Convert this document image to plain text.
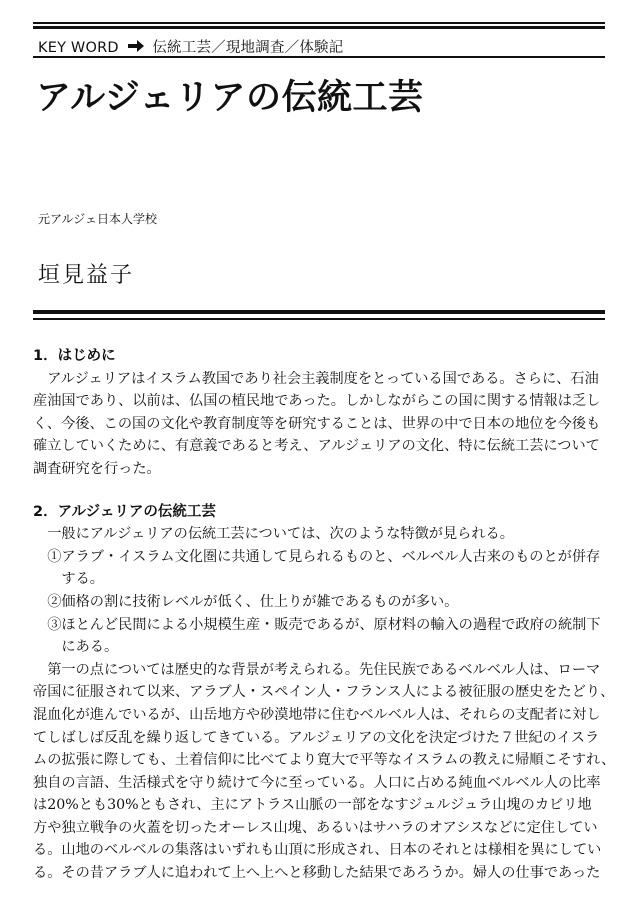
KEY WORD 伝統工芸／現地調査／体験記
アルジェリアの伝統工芸
元アルジェ日本人学校
垣見益子
1．はじめに
　アルジェリアはイスラム教国であり社会主義制度をとっている国である。さらに、石油
産油国であり、以前は、仏国の植民地であった。しかしながらこの国に関する情報は乏し
く、今後、この国の文化や教育制度等を研究することは、世界の中で日本の地位を今後も
確立していくために、有意義であると考え、アルジェリアの文化、特に伝統工芸について
調査研究を行った。
2．アルジェリアの伝統工芸
　一般にアルジェリアの伝統工芸については、次のような特徴が見られる。
　①アラブ・イスラム文化圏に共通して見られるものと、ベルベル人古来のものとが併存
　　する。
　②価格の割に技術レベルが低く、仕上りが雑であるものが多い。
　③ほとんど民間による小規模生産・販売であるが、原材料の輸入の過程で政府の統制下
　　にある。
　第一の点については歴史的な背景が考えられる。先住民族であるベルベル人は、ローマ
帝国に征服されて以来、アラブ人・スペイン人・フランス人による被征服の歴史をたどり、
混血化が進んでいるが、山岳地方や砂漠地帯に住むベルベル人は、それらの支配者に対し
てしばしば反乱を繰り返してきている。アルジェリアの文化を決定づけた７世紀のイスラ
ムの拡張に際しても、土着信仰に比べてより寛大で平等なイスラムの教えに帰順こそすれ、
独自の言語、生活様式を守り続けて今に至っている。人口に占める純血ベルベル人の比率
は20%とも30%ともされ、主にアトラス山脈の一部をなすジュルジュラ山塊のカビリ地
方や独立戦争の火蓋を切ったオーレス山塊、あるいはサハラのオアシスなどに定住してい
る。山地のベルベルの集落はいずれも山頂に形成され、日本のそれとは様相を異にしてい
る。その昔アラブ人に追われて上へ上へと移動した結果であろうか。婦人の仕事であった
